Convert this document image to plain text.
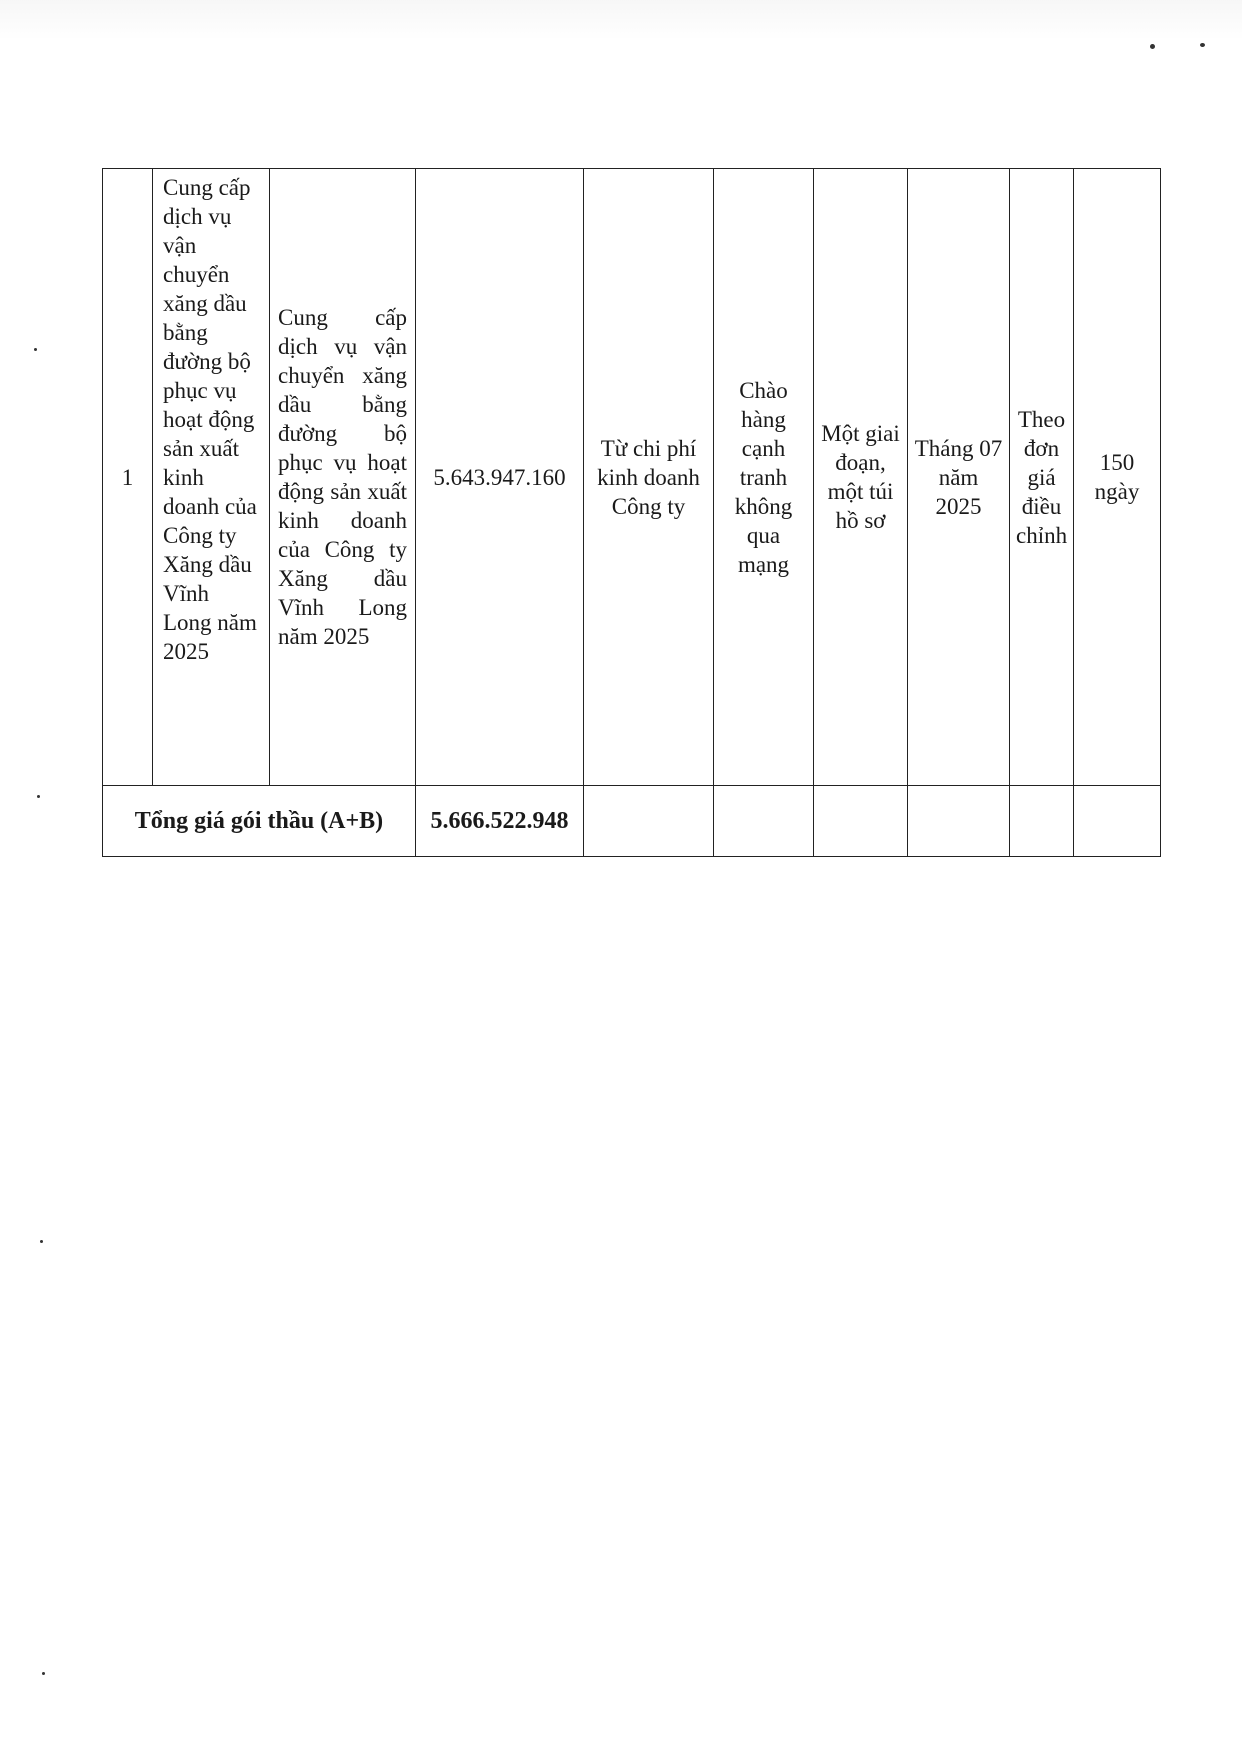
1	Cung cấp dịch vụ vận chuyển xăng dầu bằng đường bộ phục vụ hoạt động sản xuất kinh doanh của Công ty Xăng dầu Vĩnh Long năm 2025	Cung cấp dịch vụ vận chuyển xăng dầu bằng đường bộ phục vụ hoạt động sản xuất kinh doanh của Công ty Xăng dầu Vĩnh Long năm 2025	5.643.947.160	Từ chi phí kinh doanh Công ty	Chào hàng cạnh tranh không qua mạng	Một giai đoạn, một túi hồ sơ	Tháng 07 năm 2025	Theo đơn giá điều chỉnh	150 ngày
Tổng giá gói thầu (A+B)			5.666.522.948						
